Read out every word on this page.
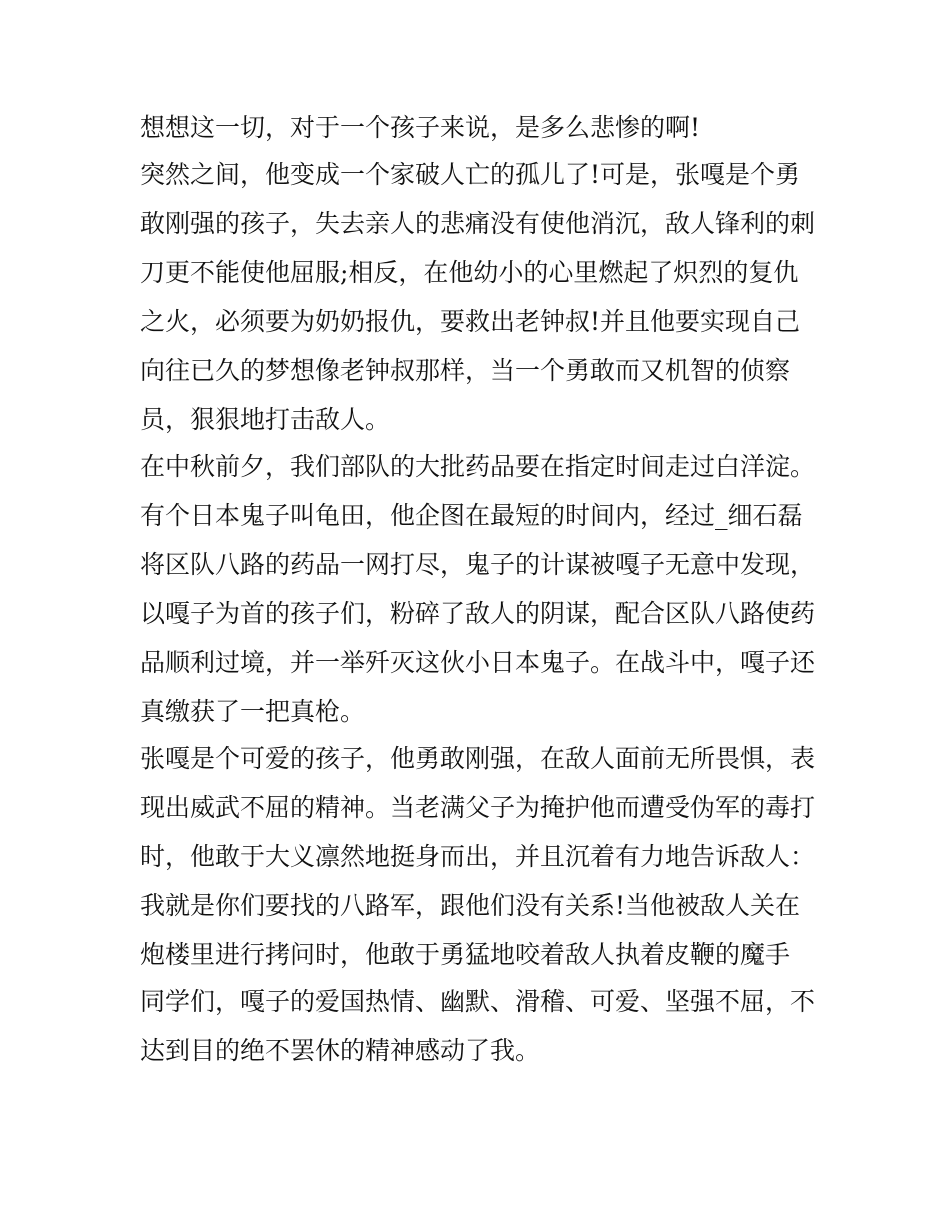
想想这一切，对于一个孩子来说，是多么悲惨的啊!
突然之间，他变成一个家破人亡的孤儿了!可是，张嘎是个勇
敢刚强的孩子，失去亲人的悲痛没有使他消沉，敌人锋利的刺
刀更不能使他屈服;相反，在他幼小的心里燃起了炽烈的复仇
之火，必须要为奶奶报仇，要救出老钟叔!并且他要实现自己
向往已久的梦想像老钟叔那样，当一个勇敢而又机智的侦察
员，狠狠地打击敌人。
在中秋前夕，我们部队的大批药品要在指定时间走过白洋淀。
有个日本鬼子叫龟田，他企图在最短的时间内，经过_细石磊
将区队八路的药品一网打尽，鬼子的计谋被嘎子无意中发现，
以嘎子为首的孩子们，粉碎了敌人的阴谋，配合区队八路使药
品顺利过境，并一举歼灭这伙小日本鬼子。在战斗中，嘎子还
真缴获了一把真枪。
张嘎是个可爱的孩子，他勇敢刚强，在敌人面前无所畏惧，表
现出威武不屈的精神。当老满父子为掩护他而遭受伪军的毒打
时，他敢于大义凛然地挺身而出，并且沉着有力地告诉敌人：
我就是你们要找的八路军，跟他们没有关系!当他被敌人关在
炮楼里进行拷问时，他敢于勇猛地咬着敌人执着皮鞭的魔手
同学们，嘎子的爱国热情、幽默、滑稽、可爱、坚强不屈，不
达到目的绝不罢休的精神感动了我。
